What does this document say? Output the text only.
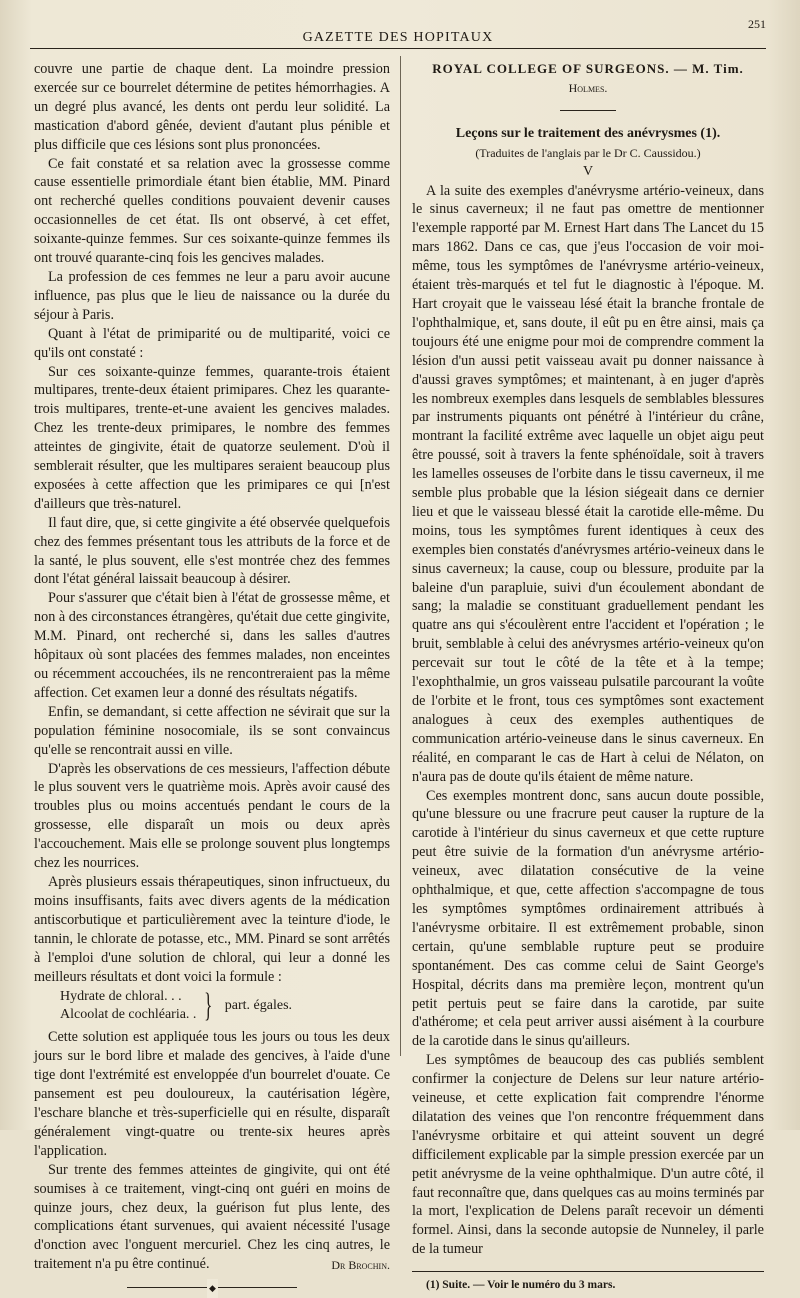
GAZETTE DES HOPITAUX
251

couvre une partie de chaque dent. La moindre pression exercée sur ce bourrelet détermine de petites hémorrhagies. A un degré plus avancé, les dents ont perdu leur solidité. La mastication d'abord gênée, devient d'autant plus pénible et plus difficile que ces lésions sont plus prononcées.

Ce fait constaté et sa relation avec la grossesse comme cause essentielle primordiale étant bien établie, MM. Pinard ont recherché quelles conditions pouvaient devenir causes occasionnelles de cet état. Ils ont observé, à cet effet, soixante-quinze femmes. Sur ces soixante-quinze femmes ils ont trouvé quarante-cinq fois les gencives malades.

La profession de ces femmes ne leur a paru avoir aucune influence, pas plus que le lieu de naissance ou la durée du séjour à Paris.

Quant à l'état de primiparité ou de multiparité, voici ce qu'ils ont constaté :

Sur ces soixante-quinze femmes, quarante-trois étaient multipares, trente-deux étaient primipares. Chez les quarante-trois multipares, trente-et-une avaient les gencives malades. Chez les trente-deux primipares, le nombre des femmes atteintes de gingivite, était de quatorze seulement. D'où il semblerait résulter, que les multipares seraient beaucoup plus exposées à cette affection que les primipares ce qui [n'est d'ailleurs que très-naturel.

Il faut dire, que, si cette gingivite a été observée quelquefois chez des femmes présentant tous les attributs de la force et de la santé, le plus souvent, elle s'est montrée chez des femmes dont l'état général laissait beaucoup à désirer.

Pour s'assurer que c'était bien à l'état de grossesse même, et non à des circonstances étrangères, qu'était due cette gingivite, M.M. Pinard, ont recherché si, dans les salles d'autres hôpitaux où sont placées des femmes malades, non enceintes ou récemment accouchées, ils ne rencontreraient pas la même affection. Cet examen leur a donné des résultats négatifs.

Enfin, se demandant, si cette affection ne sévirait que sur la population féminine nosocomiale, ils se sont convaincus qu'elle se rencontrait aussi en ville.

D'après les observations de ces messieurs, l'affection débute le plus souvent vers le quatrième mois. Après avoir causé des troubles plus ou moins accentués pendant le cours de la grossesse, elle disparaît un mois ou deux après l'accouchement. Mais elle se prolonge souvent plus longtemps chez les nourrices.

Après plusieurs essais thérapeutiques, sinon infructueux, du moins insuffisants, faits avec divers agents de la médication antiscorbutique et particulièrement avec la teinture d'iode, le tannin, le chlorate de potasse, etc., MM. Pinard se sont arrêtés à l'emploi d'une solution de chloral, qui leur a donné les meilleurs résultats et dont voici la formule :

Hydrate de chloral. . .
Alcoolat de cochléaria. . } part. égales.

Cette solution est appliquée tous les jours ou tous les deux jours sur le bord libre et malade des gencives, à l'aide d'une tige dont l'extrémité est enveloppée d'un bourrelet d'ouate. Ce pansement est peu douloureux, la cautérisation légère, l'eschare blanche et très-superficielle qui en résulte, disparaît généralement vingt-quatre ou trente-six heures après l'application.

Sur trente des femmes atteintes de gingivite, qui ont été soumises à ce traitement, vingt-cinq ont guéri en moins de quinze jours, chez deux, la guérison fut plus lente, des complications étant survenues, qui avaient nécessité l'usage d'onction avec l'onguent mercuriel. Chez les cinq autres, le traitement n'a pu être continué.	Dr Brochin.
◆

ROYAL COLLEGE OF SURGEONS. — M. Tim. Holmes.

Leçons sur le traitement des anévrysmes (1).

(Traduites de l'anglais par le Dr C. Caussidou.)

V

A la suite des exemples d'anévrysme artério-veineux, dans le sinus caverneux; il ne faut pas omettre de mentionner l'exemple rapporté par M. Ernest Hart dans The Lancet du 15 mars 1862. Dans ce cas, que j'eus l'occasion de voir moi-même, tous les symptômes de l'anévrysme artério-veineux, étaient très-marqués et tel fut le diagnostic à l'époque. M. Hart croyait que le vaisseau lésé était la branche frontale de l'ophthalmique, et, sans doute, il eût pu en être ainsi, mais ça toujours été une enigme pour moi de comprendre comment la lésion d'un aussi petit vaisseau avait pu donner naissance à d'aussi graves symptômes; et maintenant, à en juger d'après les nombreux exemples dans lesquels de semblables blessures par instruments piquants ont pénétré à l'intérieur du crâne, montrant la facilité extrême avec laquelle un objet aigu peut être poussé, soit à travers la fente sphénoïdale, soit à travers les lamelles osseuses de l'orbite dans le tissu caverneux, il me semble plus probable que la lésion siégeait dans ce dernier lieu et que le vaisseau blessé était la carotide elle-même. Du moins, tous les symptômes furent identiques à ceux des exemples bien constatés d'anévrysmes artério-veineux dans le sinus caverneux; la cause, coup ou blessure, produite par la baleine d'un parapluie, suivi d'un écoulement abondant de sang; la maladie se constituant graduellement pendant les quatre ans qui s'écoulèrent entre l'accident et l'opération ; le bruit, semblable à celui des anévrysmes artério-veineux qu'on percevait sur tout le côté de la tête et à la tempe; l'exophthalmie, un gros vaisseau pulsatile parcourant la voûte de l'orbite et le front, tous ces symptômes sont exactement analogues à ceux des exemples authentiques de communication artério-veineuse dans le sinus caverneux. En réalité, en comparant le cas de Hart à celui de Nélaton, on n'aura pas de doute qu'ils étaient de même nature.

Ces exemples montrent donc, sans aucun doute possible, qu'une blessure ou une fracrure peut causer la rupture de la carotide à l'intérieur du sinus caverneux et que cette rupture peut être suivie de la formation d'un anévrysme artério-veineux, avec dilatation consécutive de la veine ophthalmique, et que, cette affection s'accompagne de tous les symptômes symptômes ordinairement attribués à l'anévrysme orbitaire. Il est extrêmement probable, sinon certain, qu'une semblable rupture peut se produire spontanément. Des cas comme celui de Saint George's Hospital, décrits dans ma première leçon, montrent qu'un petit pertuis peut se faire dans la carotide, par suite d'athérome; et cela peut arriver aussi aisément à la courbure de la carotide dans le sinus qu'ailleurs.

Les symptômes de beaucoup des cas publiés semblent confirmer la conjecture de Delens sur leur nature artério-veineuse, et cette explication fait comprendre l'énorme dilatation des veines que l'on rencontre fréquemment dans l'anévrysme orbitaire et qui atteint souvent un degré difficilement explicable par la simple pression exercée par un petit anévrysme de la veine ophthalmique. D'un autre côté, il faut reconnaître que, dans quelques cas au moins terminés par la mort, l'explication de Delens paraît recevoir un démenti formel. Ainsi, dans la seconde autopsie de Nunneley, il parle de la tumeur

(1) Suite. — Voir le numéro du 3 mars.
